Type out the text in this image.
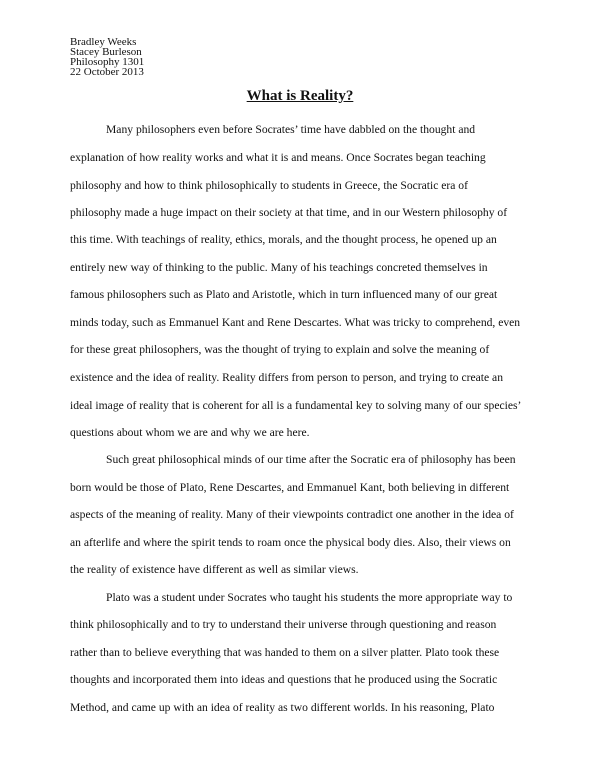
Bradley Weeks
Stacey Burleson
Philosophy 1301
22 October 2013
What is Reality?
Many philosophers even before Socrates’ time have dabbled on the thought and
explanation of how reality works and what it is and means. Once Socrates began teaching
philosophy and how to think philosophically to students in Greece, the Socratic era of
philosophy made a huge impact on their society at that time, and in our Western philosophy of
this time. With teachings of reality, ethics, morals, and the thought process, he opened up an
entirely new way of thinking to the public. Many of his teachings concreted themselves in
famous philosophers such as Plato and Aristotle, which in turn influenced many of our great
minds today, such as Emmanuel Kant and Rene Descartes. What was tricky to comprehend, even
for these great philosophers, was the thought of trying to explain and solve the meaning of
existence and the idea of reality. Reality differs from person to person, and trying to create an
ideal image of reality that is coherent for all is a fundamental key to solving many of our species’
questions about whom we are and why we are here.
Such great philosophical minds of our time after the Socratic era of philosophy has been
born would be those of Plato, Rene Descartes, and Emmanuel Kant, both believing in different
aspects of the meaning of reality. Many of their viewpoints contradict one another in the idea of
an afterlife and where the spirit tends to roam once the physical body dies. Also, their views on
the reality of existence have different as well as similar views.
Plato was a student under Socrates who taught his students the more appropriate way to
think philosophically and to try to understand their universe through questioning and reason
rather than to believe everything that was handed to them on a silver platter. Plato took these
thoughts and incorporated them into ideas and questions that he produced using the Socratic
Method, and came up with an idea of reality as two different worlds. In his reasoning, Plato
